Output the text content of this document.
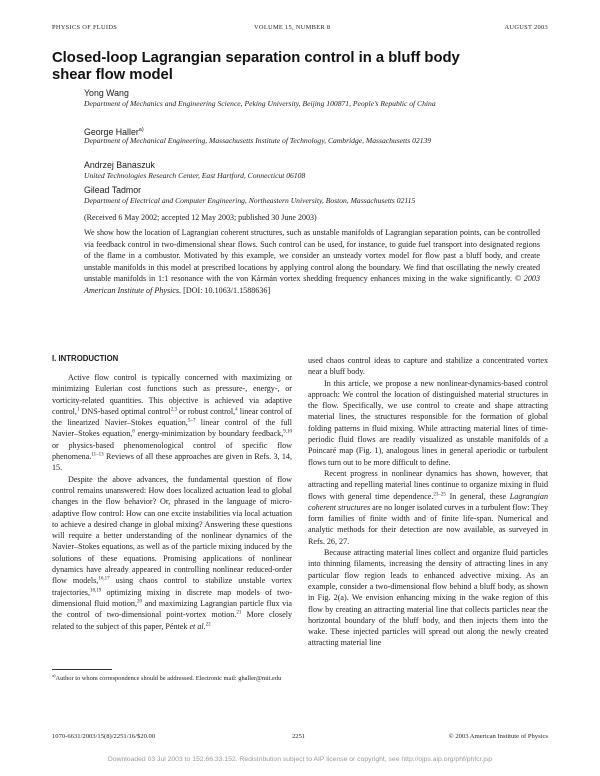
PHYSICS OF FLUIDS	VOLUME 15, NUMBER 8	AUGUST 2003
Closed-loop Lagrangian separation control in a bluff body shear flow model
Yong Wang
Department of Mechanics and Engineering Science, Peking University, Beijing 100871, People’s Republic of China
George Haller$^{a)}$
Department of Mechanical Engineering, Massachusetts Institute of Technology, Cambridge, Massachusetts 02139
Andrzej Banaszuk
United Technologies Research Center, East Hartford, Connecticut 06108
Gilead Tadmor
Department of Electrical and Computer Engineering, Northeastern University, Boston, Massachusetts 02115
(Received 6 May 2002; accepted 12 May 2003; published 30 June 2003)
We show how the location of Lagrangian coherent structures, such as unstable manifolds of Lagrangian separation points, can be controlled via feedback control in two-dimensional shear flows. Such control can be used, for instance, to guide fuel transport into designated regions of the flame in a combustor. Motivated by this example, we consider an unsteady vortex model for flow past a bluff body, and create unstable manifolds in this model at prescribed locations by applying control along the boundary. We find that oscillating the newly created unstable manifolds in 1:1 resonance with the von Kármán vortex shedding frequency enhances mixing in the wake significantly. © 2003 American Institute of Physics. [DOI: 10.1063/1.1588636]
I. INTRODUCTION

Active flow control is typically concerned with maximizing or minimizing Eulerian cost functions such as pressure-, energy-, or vorticity-related quantities. This objective is achieved via adaptive control,$^1$ DNS-based optimal control$^{2,3}$ or robust control,$^4$ linear control of the linearized Navier–Stokes equation,$^{5-7}$ linear control of the full Navier–Stokes equation,$^8$ energy-minimization by boundary feedback,$^{9,10}$ or physics-based phenomenological control of specific flow phenomena.$^{11-13}$ Reviews of all these approaches are given in Refs. 3, 14, 15.

Despite the above advances, the fundamental question of flow control remains unanswered: How does localized actuation lead to global changes in the flow behavior? Or, phrased in the language of micro-adaptive flow control: How can one excite instabilities via local actuation to achieve a desired change in global mixing? Answering these questions will require a better understanding of the nonlinear dynamics of the Navier–Stokes equations, as well as of the particle mixing induced by the solutions of these equations. Promising applications of nonlinear dynamics have already appeared in controlling nonlinear reduced-order flow models,$^{16,17}$ using chaos control to stabilize unstable vortex trajectories,$^{18,19}$ optimizing mixing in discrete map models of two-dimensional fluid motion,$^{20}$ and maximizing Lagrangian particle flux via the control of two-dimensional point-vortex motion.$^{21}$ More closely related to the subject of this paper, Péntek et al.$^{22}$

used chaos control ideas to capture and stabilize a concentrated vortex near a bluff body.

In this article, we propose a new nonlinear-dynamics-based control approach: We control the location of distinguished material structures in the flow. Specifically, we use control to create and shape attracting material lines, the structures responsible for the formation of global folding patterns in fluid mixing. While attracting material lines of time-periodic fluid flows are readily visualized as unstable manifolds of a Poincaré map (Fig. 1), analogous lines in general aperiodic or turbulent flows turn out to be more difficult to define.

Recent progress in nonlinear dynamics has shown, however, that attracting and repelling material lines continue to organize mixing in fluid flows with general time dependence.$^{23-25}$ In general, these Lagrangian coherent structures are no longer isolated curves in a turbulent flow: They form families of finite width and of finite life-span. Numerical and analytic methods for their detection are now available, as surveyed in Refs. 26, 27.

Because attracting material lines collect and organize fluid particles into thinning filaments, increasing the density of attracting lines in any particular flow region leads to enhanced advective mixing. As an example, consider a two-dimensional flow behind a bluff body, as shown in Fig. 2(a). We envision enhancing mixing in the wake region of this flow by creating an attracting material line that collects particles near the horizontal boundary of the bluff body, and then injects them into the wake. These injected particles will spread out along the newly created attracting material line

$^{a)}$Author to whom correspondence should be addressed. Electronic mail: ghaller@mit.edu
1070-6631/2003/15(8)/2251/16/$20.00	2251	© 2003 American Institute of Physics
Downloaded 03 Jul 2003 to 152.66.33.152. Redistribution subject to AIP license or copyright, see http://ojps.aip.org/phf/phfcr.jsp
